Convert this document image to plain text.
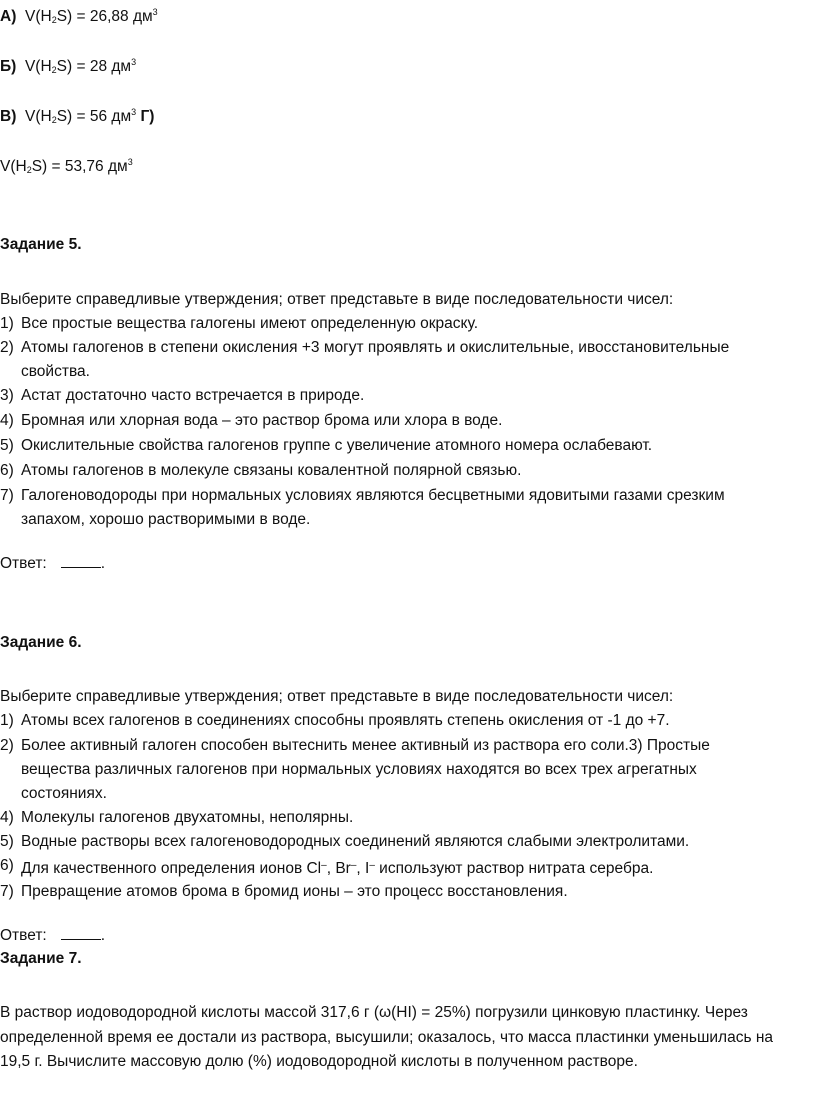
А) $V(H_2S) = 26,88$ $дм^3$
Б) $V(H_2S) = 28$ $дм^3$
В) $V(H_2S) = 56$ $дм^3$ Г)
$V(H_2S) = 53,76$ $дм^3$
Задание 5.
Выберите справедливые утверждения; ответ представьте в виде последовательности чисел:
1) Все простые вещества галогены имеют определенную окраску.
2) Атомы галогенов в степени окисления +3 могут проявлять и окислительные, ивосстановительные свойства.
3) Астат достаточно часто встречается в природе.
4) Бромная или хлорная вода – это раствор брома или хлора в воде.
5) Окислительные свойства галогенов группе с увеличение атомного номера ослабевают.
6) Атомы галогенов в молекуле связаны ковалентной полярной связью.
7) Галогеноводороды при нормальных условиях являются бесцветными ядовитыми газами срезким запахом, хорошо растворимыми в воде.
Ответ:	.
Задание 6.
Выберите справедливые утверждения; ответ представьте в виде последовательности чисел:
1) Атомы всех галогенов в соединениях способны проявлять степень окисления от -1 до +7.
2) Более активный галоген способен вытеснить менее активный из раствора его соли.3) Простые вещества различных галогенов при нормальных условиях находятся во всех трех агрегатных состояниях.
4) Молекулы галогенов двухатомны, неполярны.
5) Водные растворы всех галогеноводородных соединений являются слабыми электролитами.
6) Для качественного определения ионов Cl–, Br–, I– используют раствор нитрата серебра.
7) Превращение атомов брома в бромид ионы – это процесс восстановления.
Ответ:	.
Задание 7.
В раствор иодоводородной кислоты массой 317,6 г (ω(HI) = 25%) погрузили цинковую пластинку. Через
определенной время ее достали из раствора, высушили; оказалось, что масса пластинки уменьшилась на
19,5 г. Вычислите массовую долю (%) иодоводородной кислоты в полученном растворе.
